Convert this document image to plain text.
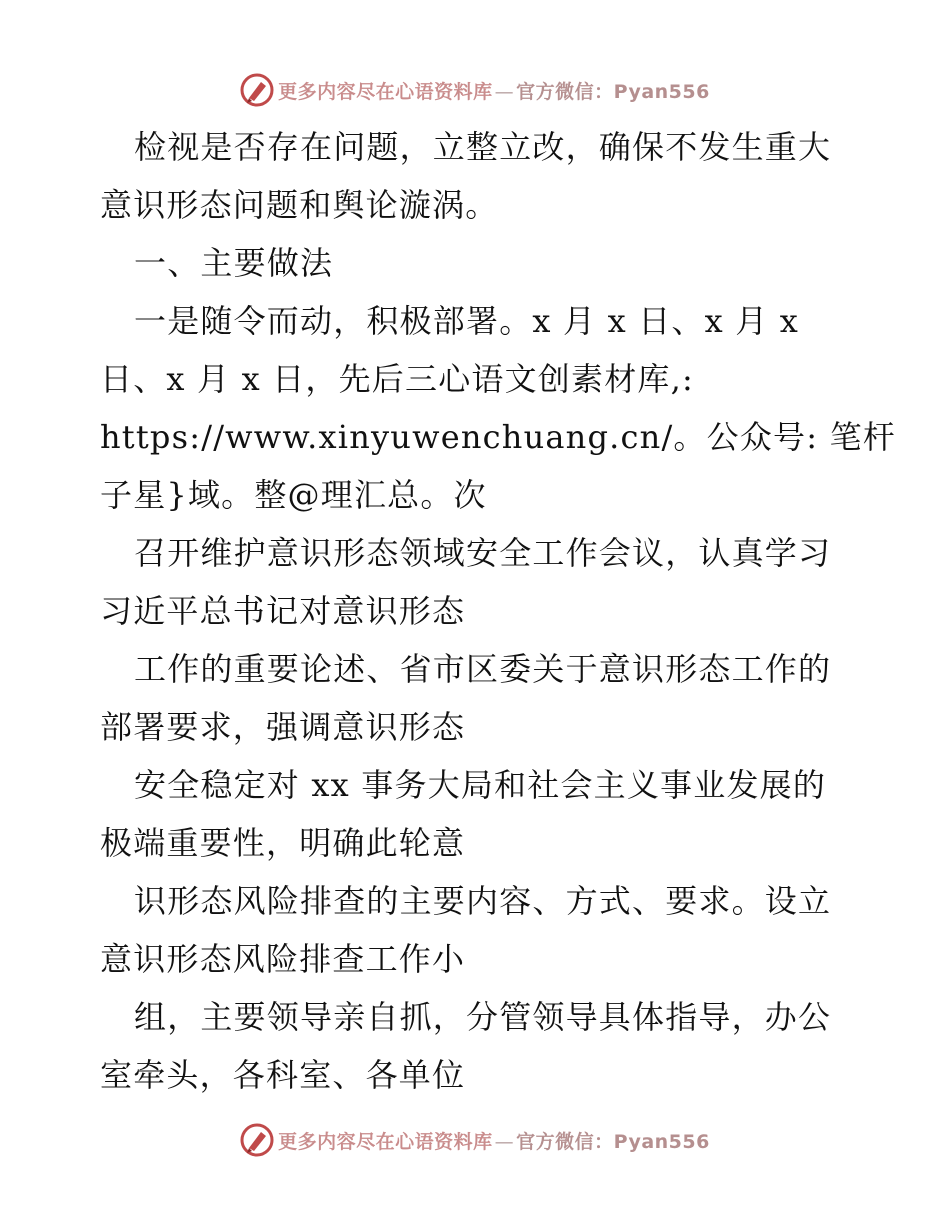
更多内容尽在心语资料库 — 官方微信：Pyan556
检视是否存在问题，立整立改，确保不发生重大
意识形态问题和舆论漩涡。
一、主要做法
一是随令而动，积极部署。x 月 x 日、x 月 x
日、x 月 x 日，先后三心语文创素材库,:
https://www.xinyuwenchuang.cn/。公众号: 笔杆
子星}域。整@理汇总。次
召开维护意识形态领域安全工作会议，认真学习
习近平总书记对意识形态
工作的重要论述、省市区委关于意识形态工作的
部署要求，强调意识形态
安全稳定对 xx 事务大局和社会主义事业发展的
极端重要性，明确此轮意
识形态风险排查的主要内容、方式、要求。设立
意识形态风险排查工作小
组，主要领导亲自抓，分管领导具体指导，办公
室牵头，各科室、各单位
更多内容尽在心语资料库 — 官方微信：Pyan556
